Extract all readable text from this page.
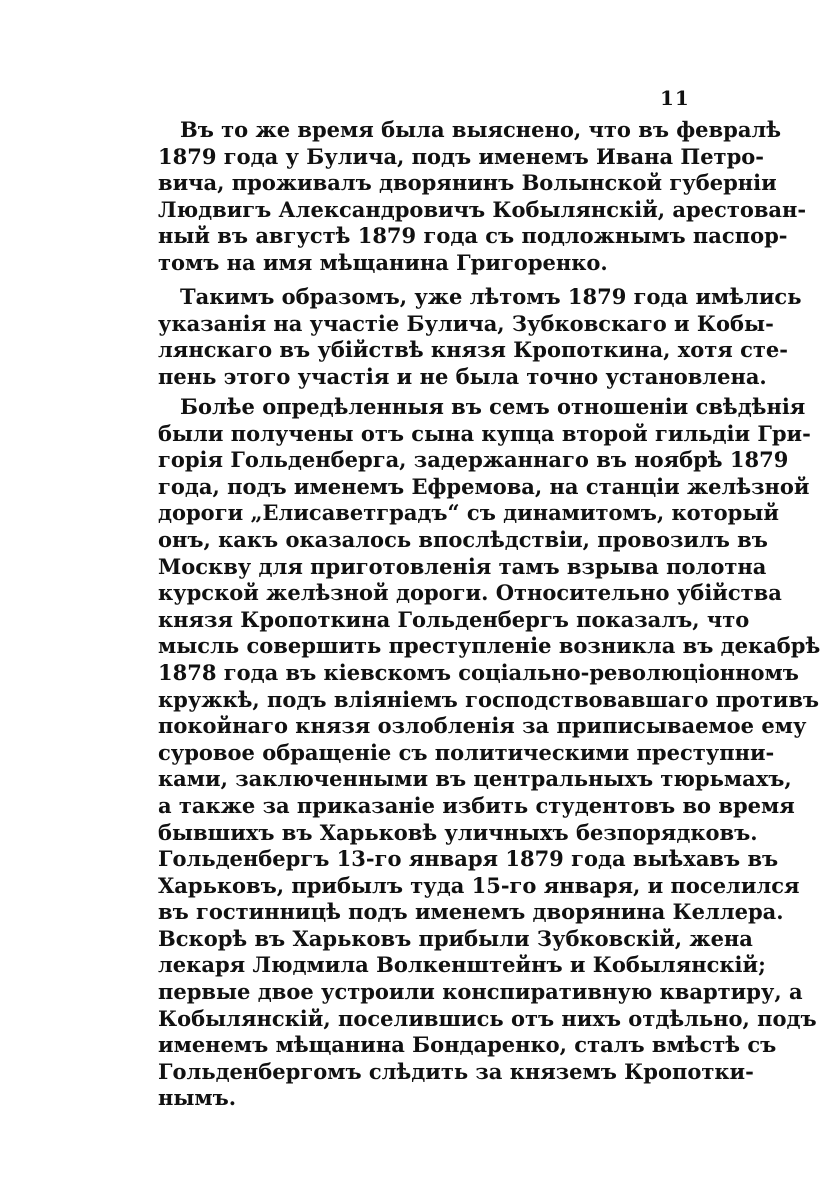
11
Въ то же время была выяснено, что въ февралѣ
1879 года у Булича, подъ именемъ Ивана Петро-
вича, проживалъ дворянинъ Волынской губерніи
Людвигъ Александровичъ Кобылянскій, арестован-
ный въ августѣ 1879 года съ подложнымъ паспор-
томъ на имя мѣщанина Григоренко.
Такимъ образомъ, уже лѣтомъ 1879 года имѣлись
указанія на участіе Булича, Зубковскаго и Кобы-
лянскаго въ убійствѣ князя Кропоткина, хотя сте-
пень этого участія и не была точно установлена.
Болѣе опредѣленныя въ семъ отношеніи свѣдѣнія
были получены отъ сына купца второй гильдіи Гри-
горія Гольденберга, задержаннаго въ ноябрѣ 1879
года, подъ именемъ Ефремова, на станціи желѣзной
дороги „Елисаветградъ“ съ динамитомъ, который
онъ, какъ оказалось впослѣдствіи, провозилъ въ
Москву для приготовленія тамъ взрыва полотна
курской желѣзной дороги. Относительно убійства
князя Кропоткина Гольденбергъ показалъ, что
мысль совершить преступленіе возникла въ декабрѣ
1878 года въ кіевскомъ соціально-революціонномъ
кружкѣ, подъ вліяніемъ господствовавшаго противъ
покойнаго князя озлобленія за приписываемое ему
суровое обращеніе съ политическими преступни-
ками, заключенными въ центральныхъ тюрьмахъ,
а также за приказаніе избить студентовъ во время
бывшихъ въ Харьковѣ уличныхъ безпорядковъ.
Гольденбергъ 13-го января 1879 года выѣхавъ въ
Харьковъ, прибылъ туда 15-го января, и поселился
въ гостинницѣ подъ именемъ дворянина Келлера.
Вскорѣ въ Харьковъ прибыли Зубковскій, жена
лекаря Людмила Волкенштейнъ и Кобылянскій;
первые двое устроили конспиративную квартиру, а
Кобылянскій, поселившись отъ нихъ отдѣльно, подъ
именемъ мѣщанина Бондаренко, сталъ вмѣстѣ съ
Гольденбергомъ слѣдить за княземъ Кропотки-
нымъ.
